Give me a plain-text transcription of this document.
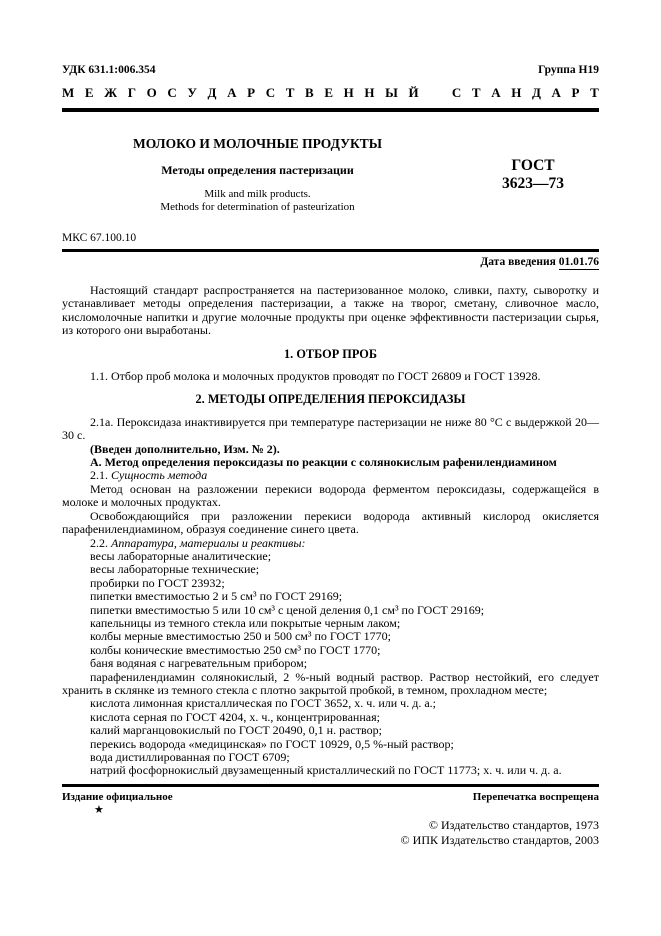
УДК 631.1:006.354	Группа Н19
М Е Ж Г О С У Д А Р С Т В Е Н Н Ы Й	С Т А Н Д А Р Т
МОЛОКО И МОЛОЧНЫЕ ПРОДУКТЫ
Методы определения пастеризации
Milk and milk products.
Methods for determination of pasteurization
ГОСТ
3623—73
МКС 67.100.10
Дата введения 01.01.76

Настоящий стандарт распространяется на пастеризованное молоко, сливки, пахту, сыворотку и устанавливает методы определения пастеризации, а также на творог, сметану, сливочное масло, кисломолочные напитки и другие молочные продукты при оценке эффективности пастеризации сырья, из которого они выработаны.

1. ОТБОР ПРОБ

1.1. Отбор проб молока и молочных продуктов проводят по ГОСТ 26809 и ГОСТ 13928.

2. МЕТОДЫ ОПРЕДЕЛЕНИЯ ПЕРОКСИДАЗЫ

2.1а. Пероксидаза инактивируется при температуре пастеризации не ниже 80 °С с выдержкой 20—30 с.

(Введен дополнительно, Изм. № 2).

А. Метод определения пероксидазы по реакции с солянокислым рафенилендиамином

2.1. Сущность метода

Метод основан на разложении перекиси водорода ферментом пероксидазы, содержащейся в молоке и молочных продуктах.

Освобождающийся при разложении перекиси водорода активный кислород окисляется парафенилендиамином, образуя соединение синего цвета.

2.2. Аппаратура, материалы и реактивы:

весы лабораторные аналитические;

весы лабораторные технические;

пробирки по ГОСТ 23932;

пипетки вместимостью 2 и 5 см³ по ГОСТ 29169;

пипетки вместимостью 5 или 10 см³ с ценой деления 0,1 см³ по ГОСТ 29169;

капельницы из темного стекла или покрытые черным лаком;

колбы мерные вместимостью 250 и 500 см³ по ГОСТ 1770;

колбы конические вместимостью 250 см³ по ГОСТ 1770;

баня водяная с нагревательным прибором;

парафенилендиамин солянокислый, 2 %-ный водный раствор. Раствор нестойкий, его следует хранить в склянке из темного стекла с плотно закрытой пробкой, в темном, прохладном месте;

кислота лимонная кристаллическая по ГОСТ 3652, х. ч. или ч. д. а.;

кислота серная по ГОСТ 4204, х. ч., концентрированная;

калий марганцовокислый по ГОСТ 20490, 0,1 н. раствор;

перекись водорода «медицинская» по ГОСТ 10929, 0,5 %-ный раствор;

вода дистиллированная по ГОСТ 6709;

натрий фосфорнокислый двузамещенный кристаллический по ГОСТ 11773; х. ч. или ч. д. а.

Издание официальное	Перепечатка воспрещена
★
© Издательство стандартов, 1973
© ИПК Издательство стандартов, 2003
